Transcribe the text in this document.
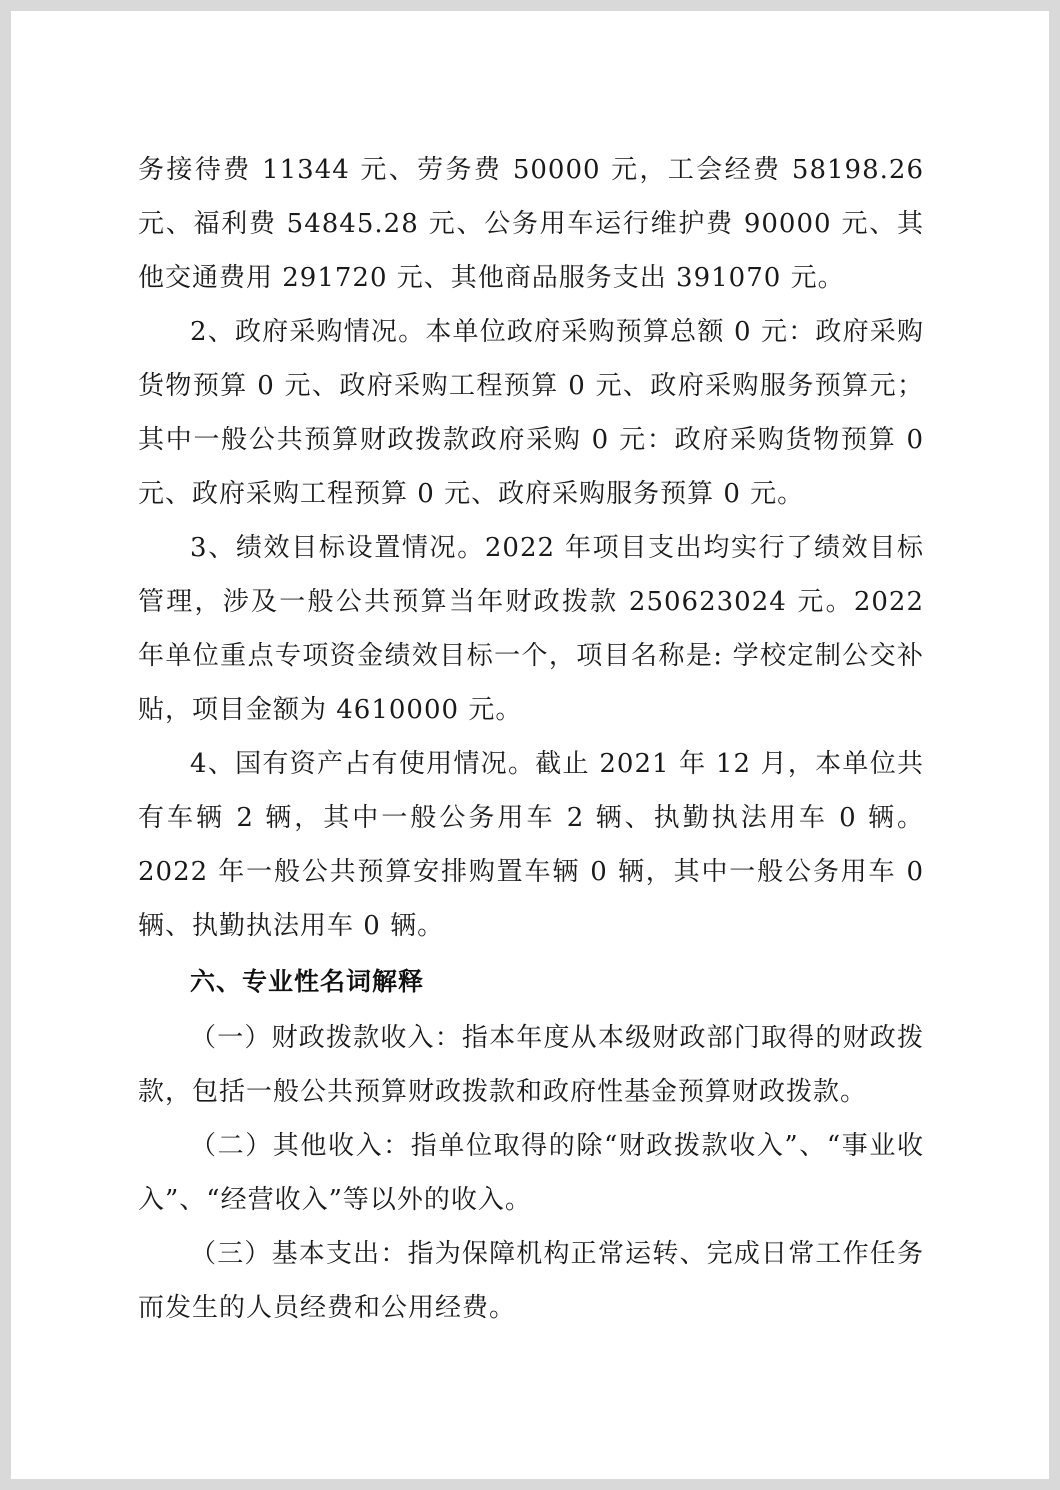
务接待费 11344 元、劳务费 50000 元，工会经费 58198.26 元、福利费 54845.28 元、公务用车运行维护费 90000 元、其他交通费用 291720 元、其他商品服务支出 391070 元。

2、政府采购情况。本单位政府采购预算总额 0 元：政府采购货物预算 0 元、政府采购工程预算 0 元、政府采购服务预算元；其中一般公共预算财政拨款政府采购 0 元：政府采购货物预算 0 元、政府采购工程预算 0 元、政府采购服务预算 0 元。

3、绩效目标设置情况。2022 年项目支出均实行了绩效目标管理，涉及一般公共预算当年财政拨款 250623024 元。2022 年单位重点专项资金绩效目标一个，项目名称是: 学校定制公交补贴，项目金额为 4610000 元。

4、国有资产占有使用情况。截止 2021 年 12 月，本单位共有车辆 2 辆，其中一般公务用车 2 辆、执勤执法用车 0 辆。2022 年一般公共预算安排购置车辆 0 辆，其中一般公务用车 0 辆、执勤执法用车 0 辆。

六、专业性名词解释

（一）财政拨款收入：指本年度从本级财政部门取得的财政拨款，包括一般公共预算财政拨款和政府性基金预算财政拨款。

（二）其他收入：指单位取得的除“财政拨款收入”、“事业收入”、“经营收入”等以外的收入。

（三）基本支出：指为保障机构正常运转、完成日常工作任务而发生的人员经费和公用经费。
